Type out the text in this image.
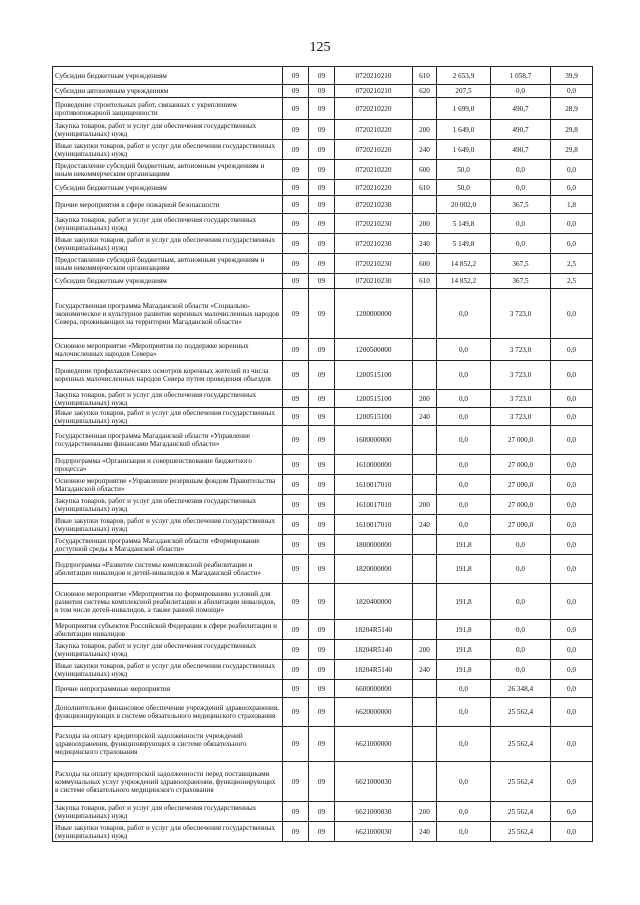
125
Субсидии бюджетным учреждениям	09	09	0720210210	610	2 653,9	1 058,7	39,9
Субсидии автономным учреждениям	09	09	0720210210	620	207,5	0,0	0,0
Проведение строительных работ, связанных с укреплением противопожарной защищенности	09	09	0720210220		1 699,0	490,7	28,9
Закупка товаров, работ и услуг для обеспечения государственных (муниципальных) нужд	09	09	0720210220	200	1 649,0	490,7	29,8
Иные закупки товаров, работ и услуг для обеспечения государственных (муниципальных) нужд	09	09	0720210220	240	1 649,0	490,7	29,8
Предоставление субсидий бюджетным, автономным учреждениям и иным некоммерческим организациям	09	09	0720210220	600	50,0	0,0	0,0
Субсидии бюджетным учреждениям	09	09	0720210220	610	50,0	0,0	0,0
Прочие мероприятия в сфере пожарной безопасности	09	09	0720210230		20 002,0	367,5	1,8
Закупка товаров, работ и услуг для обеспечения государственных (муниципальных) нужд	09	09	0720210230	200	5 149,8	0,0	0,0
Иные закупки товаров, работ и услуг для обеспечения государственных (муниципальных) нужд	09	09	0720210230	240	5 149,8	0,0	0,0
Предоставление субсидий бюджетным, автономным учреждениям и иным некоммерческим организациям	09	09	0720210230	600	14 852,2	367,5	2,5
Субсидии бюджетным учреждениям	09	09	0720210230	610	14 852,2	367,5	2,5
Государственная программа Магаданской области «Социально-экономическое и культурное развитие коренных малочисленных народов Севера, проживающих на территории Магаданской области»	09	09	1200000000		0,0	3 723,0	0,0
Основное мероприятие «Мероприятия по поддержке коренных малочисленных народов Севера»	09	09	1200500000		0,0	3 723,0	0,0
Проведение профилактических осмотров коренных жителей из числа коренных малочисленных народов Севера путем проведения объездов	09	09	1200515100		0,0	3 723,0	0,0
Закупка товаров, работ и услуг для обеспечения государственных (муниципальных) нужд	09	09	1200515100	200	0,0	3 723,0	0,0
Иные закупки товаров, работ и услуг для обеспечения государственных (муниципальных) нужд	09	09	1200515100	240	0,0	3 723,0	0,0
Государственная программа Магаданской области «Управление государственными финансами Магаданской области»	09	09	1600000000		0,0	27 000,0	0,0
Подпрограмма «Организация и совершенствование бюджетного процесса»	09	09	1610000000		0,0	27 000,0	0,0
Основное мероприятие «Управление резервным фондом Правительства Магаданской области»	09	09	1610017010		0,0	27 000,0	0,0
Закупка товаров, работ и услуг для обеспечения государственных (муниципальных) нужд	09	09	1610017010	200	0,0	27 000,0	0,0
Иные закупки товаров, работ и услуг для обеспечения государственных (муниципальных) нужд	09	09	1610017010	240	0,0	27 000,0	0,0
Государственная программа Магаданской области «Формирование доступной среды в Магаданской области»	09	09	1800000000		191,8	0,0	0,0
Подпрограмма «Развитие системы комплексной реабилитации и абилитации инвалидов и детей-инвалидов в Магаданской области»	09	09	1820000000		191,8	0,0	0,0
Основное мероприятие «Мероприятия по формированию условий для развития системы комплексной реабилитации и абилитации инвалидов, в том числе детей-инвалидов, а также ранней помощи»	09	09	1820400000		191,8	0,0	0,0
Мероприятия субъектов Российской Федерации в сфере реабилитации и абилитации инвалидов	09	09	18204R5140		191,8	0,0	0,0
Закупка товаров, работ и услуг для обеспечения государственных (муниципальных) нужд	09	09	18204R5140	200	191,8	0,0	0,0
Иные закупки товаров, работ и услуг для обеспечения государственных (муниципальных) нужд	09	09	18204R5140	240	191,8	0,0	0,0
Прочие непрограммные мероприятия	09	09	6600000000		0,0	26 348,4	0,0
Дополнительное финансовое обеспечение учреждений здравоохранения, функционирующих в системе обязательного медицинского страхования	09	09	6620000000		0,0	25 562,4	0,0
Расходы на оплату кредиторской задолженности учреждений здравоохранения, функционирующих в системе обязательного медицинского страхования	09	09	6621000000		0,0	25 562,4	0,0
Расходы на оплату кредиторской задолженности перед поставщиками коммунальных услуг учреждений здравоохранения, функционирующих в системе обязательного медицинского страхования	09	09	6621000030		0,0	25 562,4	0,0
Закупка товаров, работ и услуг для обеспечения государственных (муниципальных) нужд	09	09	6621000030	200	0,0	25 562,4	0,0
Иные закупки товаров, работ и услуг для обеспечения государственных (муниципальных) нужд	09	09	6621000030	240	0,0	25 562,4	0,0
